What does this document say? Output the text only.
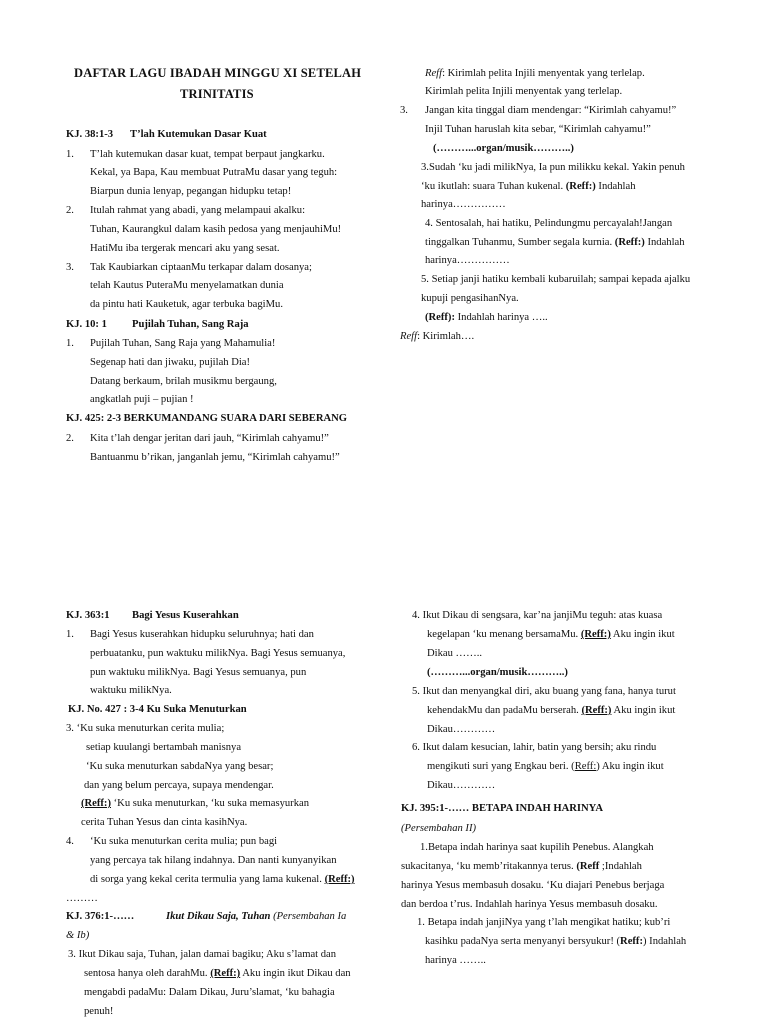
DAFTAR LAGU IBADAH MINGGU XI SETELAH
TRINITATIS
KJ. 38:1-3 T’lah Kutemukan Dasar Kuat
1. T’lah kutemukan dasar kuat, tempat berpaut jangkarku.
Kekal, ya Bapa, Kau membuat PutraMu dasar yang teguh:
Biarpun dunia lenyap, pegangan hidupku tetap!
2. Itulah rahmat yang abadi, yang melampaui akalku:
Tuhan, Kaurangkul dalam kasih pedosa yang menjauhiMu!
HatiMu iba tergerak mencari aku yang sesat.
3. Tak Kaubiarkan ciptaanMu terkapar dalam dosanya;
telah Kautus PuteraMu menyelamatkan dunia
da pintu hati Kauketuk, agar terbuka bagiMu.
KJ. 10: 1 Pujilah Tuhan, Sang Raja
1. Pujilah Tuhan, Sang Raja yang Mahamulia!
Segenap hati dan jiwaku, pujilah Dia!
Datang berkaum, brilah musikmu bergaung,
angkatlah puji – pujian !
KJ. 425: 2-3 BERKUMANDANG SUARA DARI SEBERANG
2. Kita t’lah dengar jeritan dari jauh, “Kirimlah cahyamu!”
Bantuanmu b’rikan, janganlah jemu, “Kirimlah cahyamu!”
Reff: Kirimlah pelita Injili menyentak yang terlelap.
Kirimlah pelita Injili menyentak yang terlelap.
3. Jangan kita tinggal diam mendengar: “Kirimlah cahyamu!”
Injil Tuhan haruslah kita sebar, “Kirimlah cahyamu!”
(………...organ/musik………..)
3.Sudah ‘ku jadi milikNya, Ia pun milikku kekal. Yakin penuh
‘ku ikutlah: suara Tuhan kukenal. (Reff:) Indahlah
harinya……………
4. Sentosalah, hai hatiku, Pelindungmu percayalah!Jangan
tinggalkan Tuhanmu, Sumber segala kurnia. (Reff:) Indahlah
harinya……………
5. Setiap janji hatiku kembali kubaruilah; sampai kepada ajalku
kupuji pengasihanNya.
(Reff): Indahlah harinya …..
Reff: Kirimlah….
KJ. 363:1 Bagi Yesus Kuserahkan
1. Bagi Yesus kuserahkan hidupku seluruhnya; hati dan
perbuatanku, pun waktuku milikNya. Bagi Yesus semuanya,
pun waktuku milikNya. Bagi Yesus semuanya, pun
waktuku milikNya.
KJ. No. 427 : 3-4 Ku Suka Menuturkan
3. ‘Ku suka menuturkan cerita mulia;
setiap kuulangi bertambah manisnya
‘Ku suka menuturkan sabdaNya yang besar;
dan yang belum percaya, supaya mendengar.
(Reff:) ‘Ku suka menuturkan, ‘ku suka memasyurkan
cerita Tuhan Yesus dan cinta kasihNya.
4. ‘Ku suka menuturkan cerita mulia; pun bagi
yang percaya tak hilang indahnya. Dan nanti kunyanyikan
di sorga yang kekal cerita termulia yang lama kukenal. (Reff:)
………
KJ. 376:1-……	Ikut Dikau Saja, Tuhan (Persembahan Ia
& Ib)
3. Ikut Dikau saja, Tuhan, jalan damai bagiku; Aku s’lamat dan
sentosa hanya oleh darahMu. (Reff:) Aku ingin ikut Dikau dan
mengabdi padaMu: Dalam Dikau, Juru’slamat, ‘ku bahagia
penuh!
4. Ikut Dikau di sengsara, kar’na janjiMu teguh: atas kuasa
kegelapan ‘ku menang bersamaMu. (Reff:) Aku ingin ikut
Dikau ……..
(………...organ/musik………..)
5. Ikut dan menyangkal diri, aku buang yang fana, hanya turut
kehendakMu dan padaMu berserah. (Reff:) Aku ingin ikut
Dikau…………
6. Ikut dalam kesucian, lahir, batin yang bersih; aku rindu
mengikuti suri yang Engkau beri. (Reff:) Aku ingin ikut
Dikau…………
KJ. 395:1-…… BETAPA INDAH HARINYA
(Persembahan II)
1.Betapa indah harinya saat kupilih Penebus. Alangkah
sukacitanya, ‘ku memb’ritakannya terus. (Reff ;Indahlah
harinya Yesus membasuh dosaku. ‘Ku diajari Penebus berjaga
dan berdoa t’rus. Indahlah harinya Yesus membasuh dosaku.
1. Betapa indah janjiNya yang t’lah mengikat hatiku; kub’ri
kasihku padaNya serta menyanyi bersyukur! (Reff:) Indahlah
harinya ……..
